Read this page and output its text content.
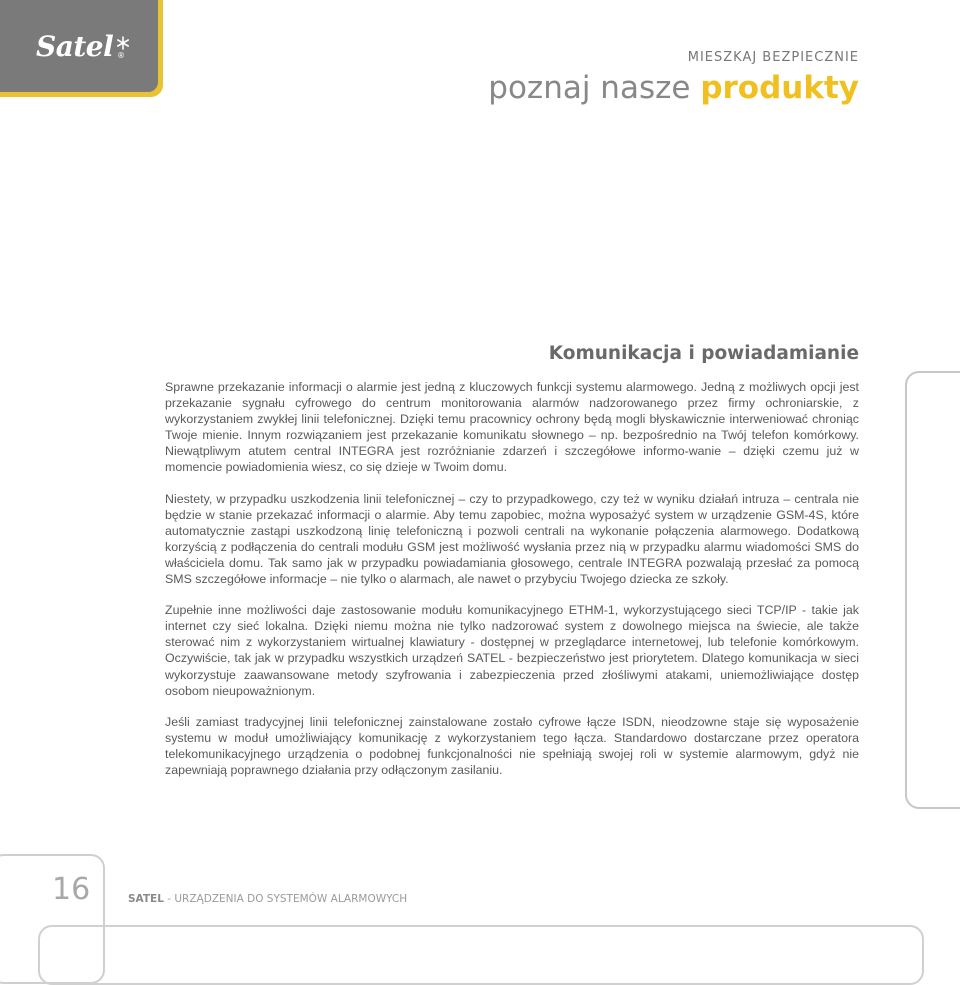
Satel ®	MIESZKAJ BEZPIECZNIE
poznaj nasze produkty
Komunikacja i powiadamianie

Sprawne przekazanie informacji o alarmie jest jedną z kluczowych funkcji systemu alarmowego. Jedną z możliwych opcji jest przekazanie sygnału cyfrowego do centrum monitorowania alarmów nadzorowanego przez firmy ochroniarskie, z wykorzystaniem zwykłej linii telefonicznej. Dzięki temu pracownicy ochrony będą mogli błyskawicznie interweniować chroniąc Twoje mienie. Innym rozwiązaniem jest przekazanie komunikatu słownego – np. bezpośrednio na Twój telefon komórkowy. Niewątpliwym atutem central INTEGRA jest rozróżnianie zdarzeń i szczegółowe informo-wanie – dzięki czemu już w momencie powiadomienia wiesz, co się dzieje w Twoim domu.

Niestety, w przypadku uszkodzenia linii telefonicznej – czy to przypadkowego, czy też w wyniku działań intruza – centrala nie będzie w stanie przekazać informacji o alarmie. Aby temu zapobiec, można wyposażyć system w urządzenie GSM-4S, które automatycznie zastąpi uszkodzoną linię telefoniczną i pozwoli centrali na wykonanie połączenia alarmowego. Dodatkową korzyścią z podłączenia do centrali modułu GSM jest możliwość wysłania przez nią w przypadku alarmu wiadomości SMS do właściciela domu. Tak samo jak w przypadku powiadamiania głosowego, centrale INTEGRA pozwalają przesłać za pomocą SMS szczegółowe informacje – nie tylko o alarmach, ale nawet o przybyciu Twojego dziecka ze szkoły.

Zupełnie inne możliwości daje zastosowanie modułu komunikacyjnego ETHM-1, wykorzystującego sieci TCP/IP - takie jak internet czy sieć lokalna. Dzięki niemu można nie tylko nadzorować system z dowolnego miejsca na świecie, ale także sterować nim z wykorzystaniem wirtualnej klawiatury - dostępnej w przeglądarce internetowej, lub telefonie komórkowym. Oczywiście, tak jak w przypadku wszystkich urządzeń SATEL - bezpieczeństwo jest priorytetem. Dlatego komunikacja w sieci wykorzystuje zaawansowane metody szyfrowania i zabezpieczenia przed złośliwymi atakami, uniemożliwiające dostęp osobom nieupoważnionym.

Jeśli zamiast tradycyjnej linii telefonicznej zainstalowane zostało cyfrowe łącze ISDN, nieodzowne staje się wyposażenie systemu w moduł umożliwiający komunikację z wykorzystaniem tego łącza. Standardowo dostarczane przez operatora telekomunikacyjnego urządzenia o podobnej funkcjonalności nie spełniają swojej roli w systemie alarmowym, gdyż nie zapewniają poprawnego działania przy odłączonym zasilaniu.

16	SATEL - URZĄDZENIA DO SYSTEMÓW ALARMOWYCH
